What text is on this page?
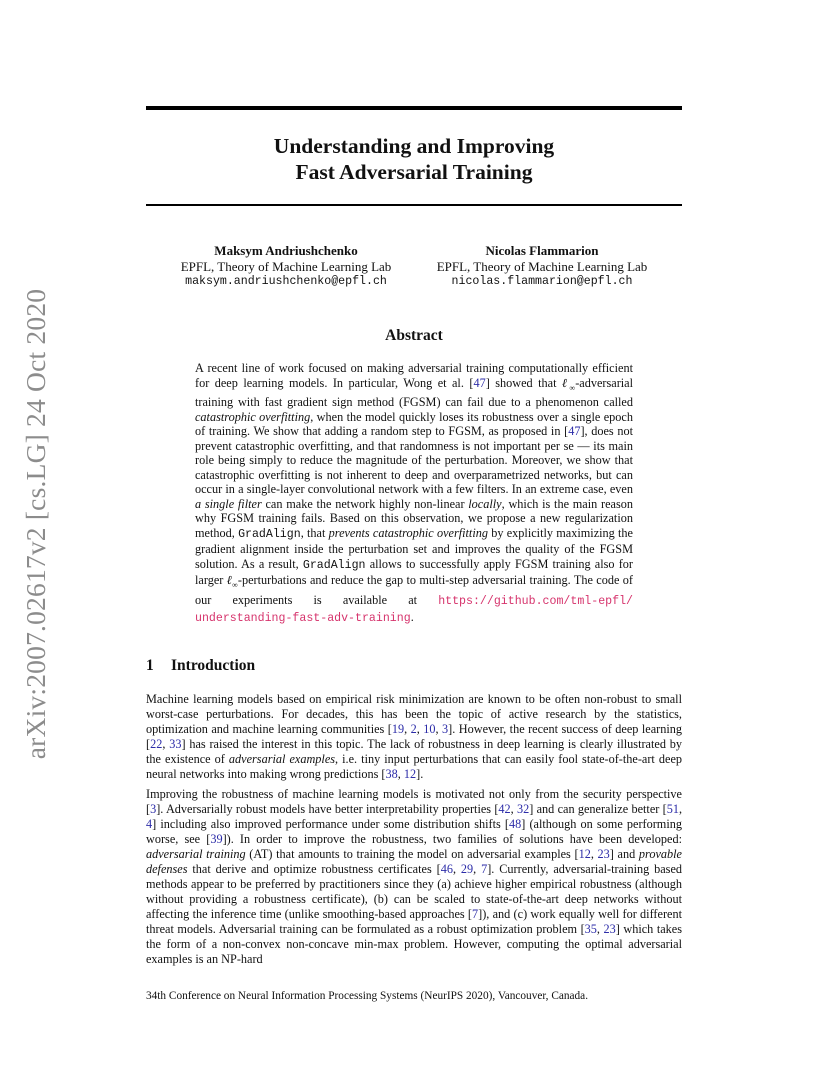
arXiv:2007.02617v2 [cs.LG] 24 Oct 2020
Understanding and Improving
Fast Adversarial Training
Maksym Andriushchenko
EPFL, Theory of Machine Learning Lab
maksym.andriushchenko@epfl.ch
Nicolas Flammarion
EPFL, Theory of Machine Learning Lab
nicolas.flammarion@epfl.ch
Abstract
A recent line of work focused on making adversarial training computationally efficient for deep learning models. In particular, Wong et al. [47] showed that ℓ$_\infty$-adversarial training with fast gradient sign method (FGSM) can fail due to a phenomenon called catastrophic overfitting, when the model quickly loses its robustness over a single epoch of training. We show that adding a random step to FGSM, as proposed in [47], does not prevent catastrophic overfitting, and that randomness is not important per se — its main role being simply to reduce the magnitude of the perturbation. Moreover, we show that catastrophic overfitting is not inherent to deep and overparametrized networks, but can occur in a single-layer convolutional network with a few filters. In an extreme case, even a single filter can make the network highly non-linear locally, which is the main reason why FGSM training fails. Based on this observation, we propose a new regularization method, GradAlign, that prevents catastrophic overfitting by explicitly maximizing the gradient alignment inside the perturbation set and improves the quality of the FGSM solution. As a result, GradAlign allows to successfully apply FGSM training also for larger ℓ$_\infty$-perturbations and reduce the gap to multi-step adversarial training. The code of our experiments is available at https://github.com/tml-epfl/ understanding-fast-adv-training.
1 Introduction
Machine learning models based on empirical risk minimization are known to be often non-robust to small worst-case perturbations. For decades, this has been the topic of active research by the statistics, optimization and machine learning communities [19, 2, 10, 3]. However, the recent success of deep learning [22, 33] has raised the interest in this topic. The lack of robustness in deep learning is clearly illustrated by the existence of adversarial examples, i.e. tiny input perturbations that can easily fool state-of-the-art deep neural networks into making wrong predictions [38, 12].
Improving the robustness of machine learning models is motivated not only from the security perspective [3]. Adversarially robust models have better interpretability properties [42, 32] and can generalize better [51, 4] including also improved performance under some distribution shifts [48] (although on some performing worse, see [39]). In order to improve the robustness, two families of solutions have been developed: adversarial training (AT) that amounts to training the model on adversarial examples [12, 23] and provable defenses that derive and optimize robustness certificates [46, 29, 7]. Currently, adversarial-training based methods appear to be preferred by practitioners since they (a) achieve higher empirical robustness (although without providing a robustness certificate), (b) can be scaled to state-of-the-art deep networks without affecting the inference time (unlike smoothing-based approaches [7]), and (c) work equally well for different threat models. Adversarial training can be formulated as a robust optimization problem [35, 23] which takes the form of a non-convex non-concave min-max problem. However, computing the optimal adversarial examples is an NP-hard
34th Conference on Neural Information Processing Systems (NeurIPS 2020), Vancouver, Canada.
